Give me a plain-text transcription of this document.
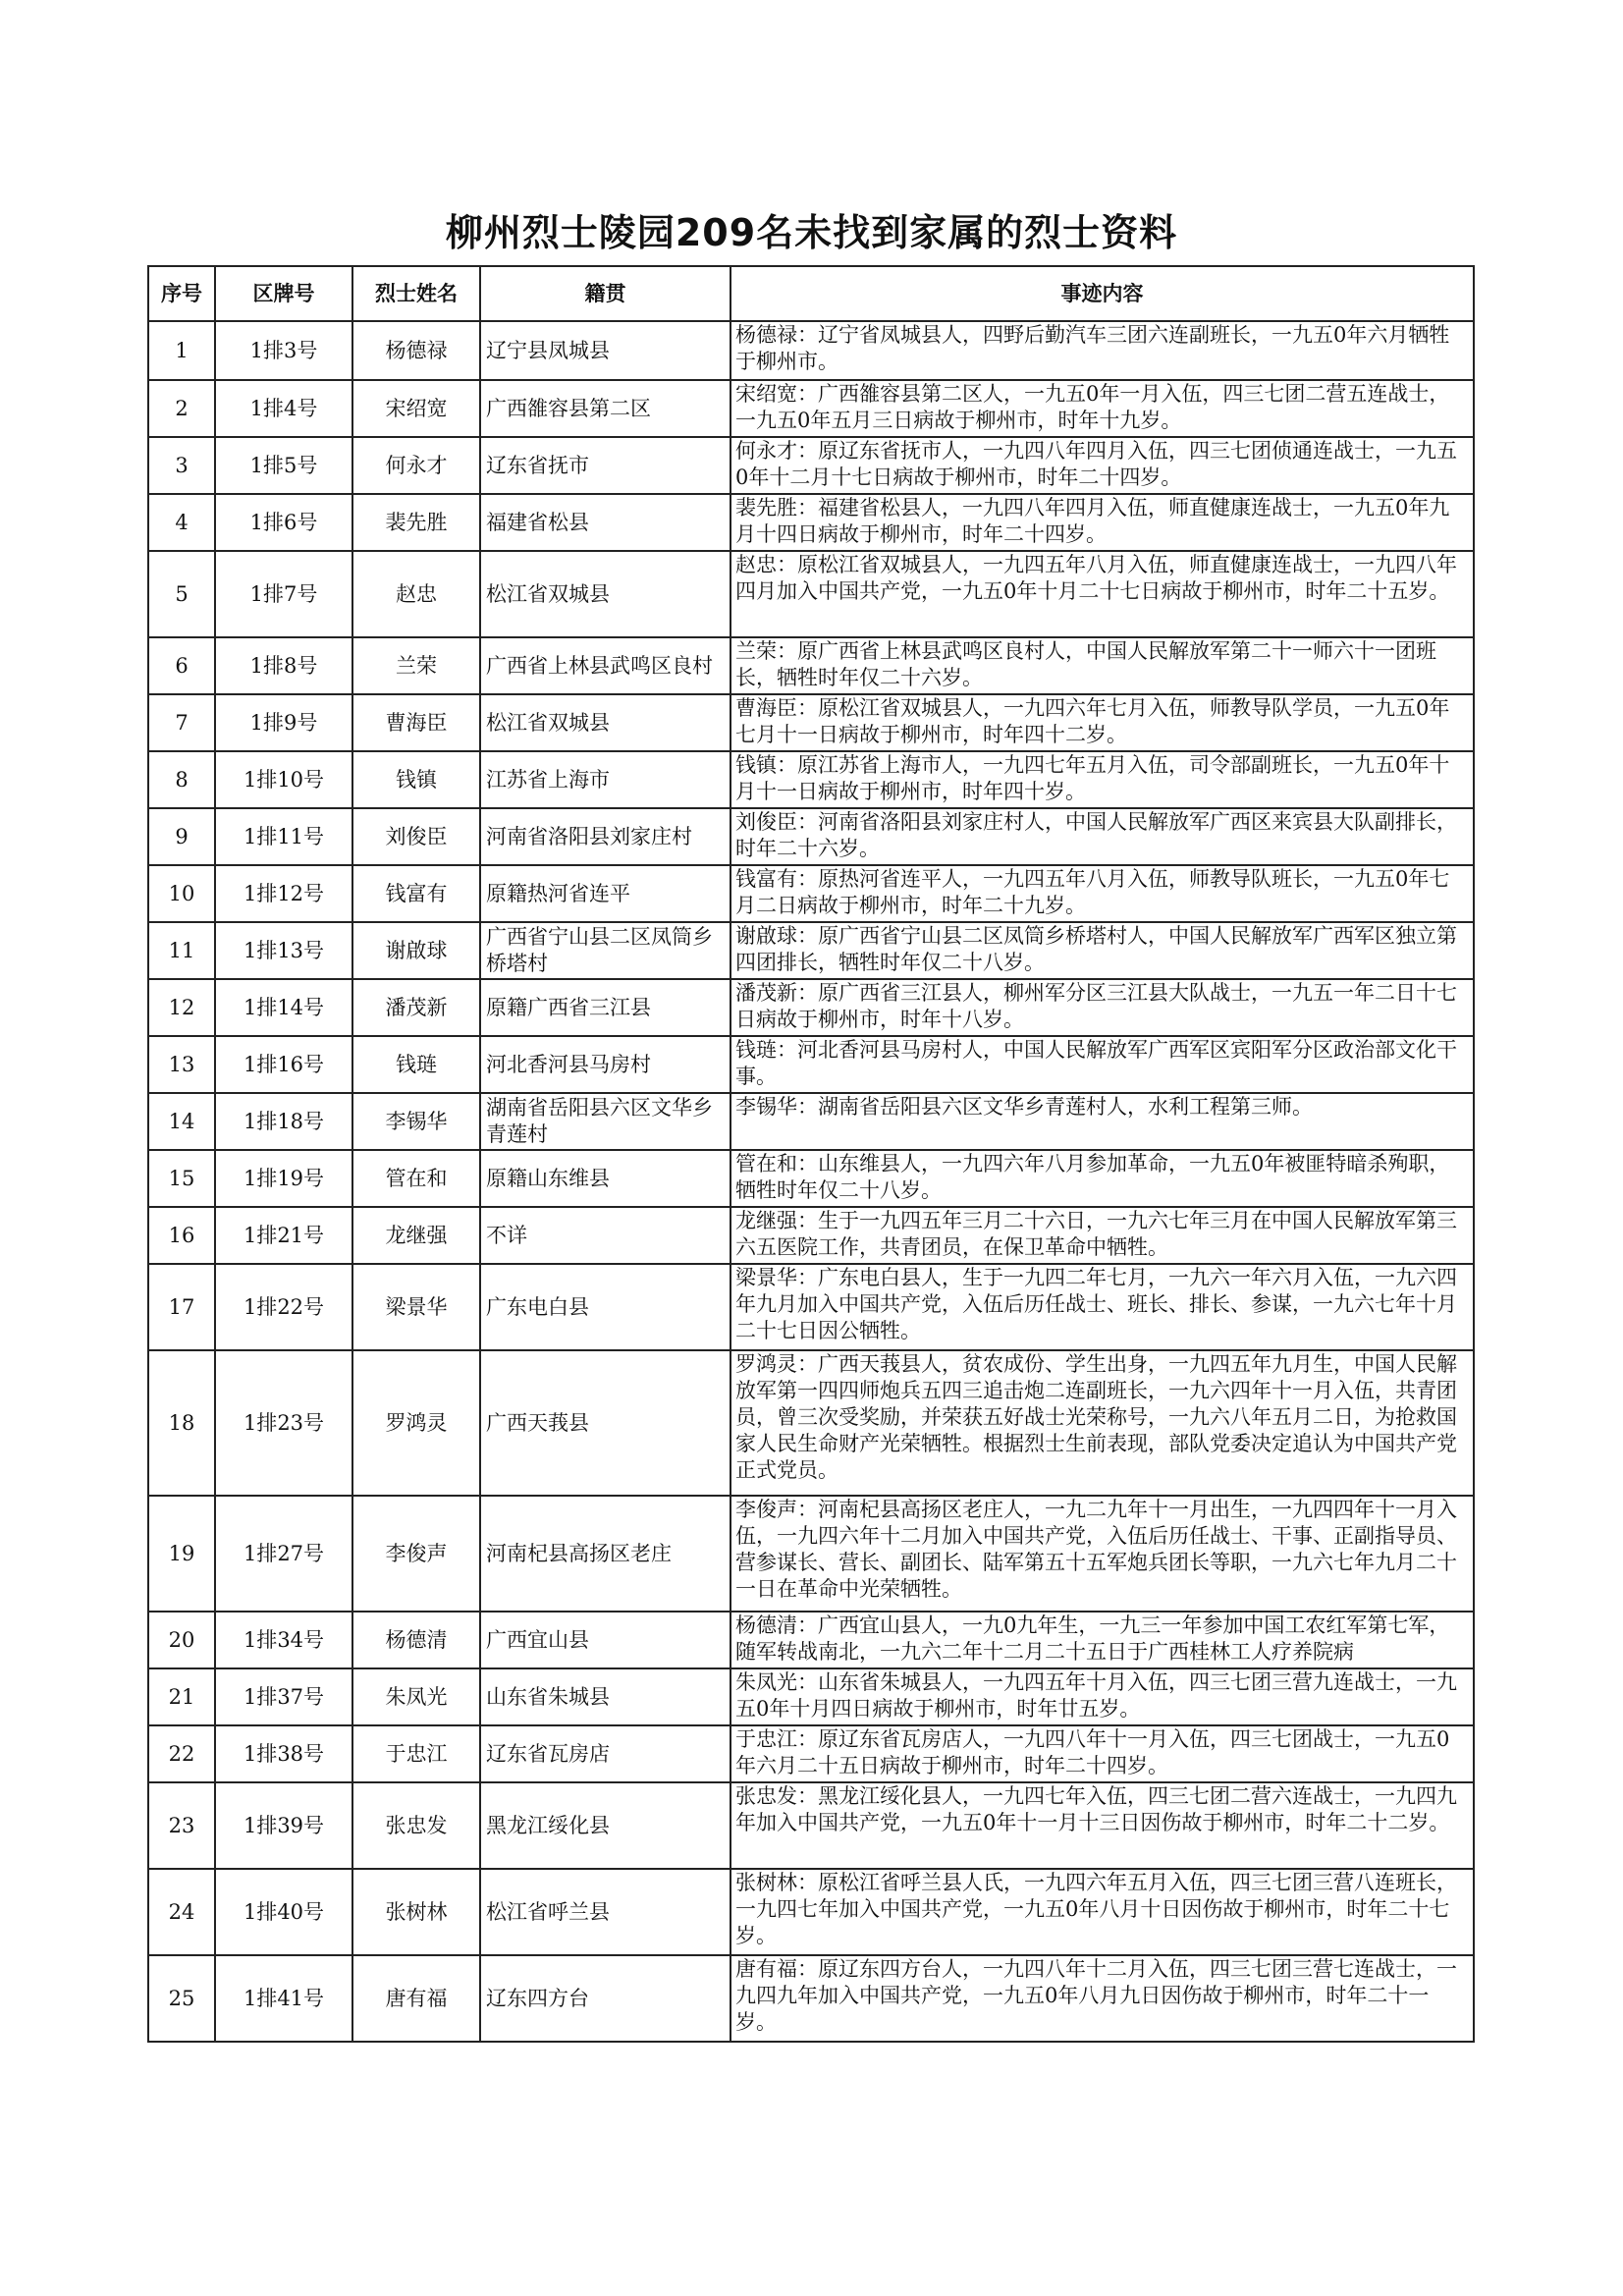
柳州烈士陵园209名未找到家属的烈士资料
序号	区牌号	烈士姓名	籍贯	事迹内容
1	1排3号	杨德禄	辽宁县凤城县	杨德禄：辽宁省凤城县人，四野后勤汽车三团六连副班长，一九五0年六月牺牲于柳州市。
2	1排4号	宋绍宽	广西雒容县第二区	宋绍宽：广西雒容县第二区人，一九五0年一月入伍，四三七团二营五连战士，一九五0年五月三日病故于柳州市，时年十九岁。
3	1排5号	何永才	辽东省抚市	何永才：原辽东省抚市人，一九四八年四月入伍，四三七团侦通连战士，一九五0年十二月十七日病故于柳州市，时年二十四岁。
4	1排6号	裴先胜	福建省松县	裴先胜：福建省松县人，一九四八年四月入伍，师直健康连战士，一九五0年九月十四日病故于柳州市，时年二十四岁。
5	1排7号	赵忠	松江省双城县	赵忠：原松江省双城县人，一九四五年八月入伍，师直健康连战士，一九四八年四月加入中国共产党，一九五0年十月二十七日病故于柳州市，时年二十五岁。
6	1排8号	兰荣	广西省上林县武鸣区良村	兰荣：原广西省上林县武鸣区良村人，中国人民解放军第二十一师六十一团班长，牺牲时年仅二十六岁。
7	1排9号	曹海臣	松江省双城县	曹海臣：原松江省双城县人，一九四六年七月入伍，师教导队学员，一九五0年七月十一日病故于柳州市，时年四十二岁。
8	1排10号	钱镇	江苏省上海市	钱镇：原江苏省上海市人，一九四七年五月入伍，司令部副班长，一九五0年十月十一日病故于柳州市，时年四十岁。
9	1排11号	刘俊臣	河南省洛阳县刘家庄村	刘俊臣：河南省洛阳县刘家庄村人，中国人民解放军广西区来宾县大队副排长，时年二十六岁。
10	1排12号	钱富有	原籍热河省连平	钱富有：原热河省连平人，一九四五年八月入伍，师教导队班长，一九五0年七月二日病故于柳州市，时年二十九岁。
11	1排13号	谢啟球	广西省宁山县二区凤筒乡桥塔村	谢啟球：原广西省宁山县二区凤筒乡桥塔村人，中国人民解放军广西军区独立第四团排长，牺牲时年仅二十八岁。
12	1排14号	潘茂新	原籍广西省三江县	潘茂新：原广西省三江县人，柳州军分区三江县大队战士，一九五一年二日十七日病故于柳州市，时年十八岁。
13	1排16号	钱琏	河北香河县马房村	钱琏：河北香河县马房村人，中国人民解放军广西军区宾阳军分区政治部文化干事。
14	1排18号	李锡华	湖南省岳阳县六区文华乡青莲村	李锡华：湖南省岳阳县六区文华乡青莲村人，水利工程第三师。
15	1排19号	管在和	原籍山东维县	管在和：山东维县人，一九四六年八月参加革命，一九五0年被匪特暗杀殉职，牺牲时年仅二十八岁。
16	1排21号	龙继强	不详	龙继强：生于一九四五年三月二十六日，一九六七年三月在中国人民解放军第三六五医院工作，共青团员，在保卫革命中牺牲。
17	1排22号	梁景华	广东电白县	梁景华：广东电白县人，生于一九四二年七月，一九六一年六月入伍，一九六四年九月加入中国共产党，入伍后历任战士、班长、排长、参谋，一九六七年十月二十七日因公牺牲。
18	1排23号	罗鸿灵	广西天莪县	罗鸿灵：广西天莪县人，贫农成份、学生出身，一九四五年九月生，中国人民解放军第一四四师炮兵五四三追击炮二连副班长，一九六四年十一月入伍，共青团员，曾三次受奖励，并荣获五好战士光荣称号，一九六八年五月二日，为抢救国家人民生命财产光荣牺牲。根据烈士生前表现，部队党委决定追认为中国共产党正式党员。
19	1排27号	李俊声	河南杞县高扬区老庄	李俊声：河南杞县高扬区老庄人，一九二九年十一月出生，一九四四年十一月入伍，一九四六年十二月加入中国共产党，入伍后历任战士、干事、正副指导员、营参谋长、营长、副团长、陆军第五十五军炮兵团长等职，一九六七年九月二十一日在革命中光荣牺牲。
20	1排34号	杨德清	广西宜山县	杨德清：广西宜山县人，一九0九年生，一九三一年参加中国工农红军第七军，随军转战南北，一九六二年十二月二十五日于广西桂林工人疗养院病
21	1排37号	朱凤光	山东省朱城县	朱凤光：山东省朱城县人，一九四五年十月入伍，四三七团三营九连战士，一九五0年十月四日病故于柳州市，时年廿五岁。
22	1排38号	于忠江	辽东省瓦房店	于忠江：原辽东省瓦房店人，一九四八年十一月入伍，四三七团战士，一九五0年六月二十五日病故于柳州市，时年二十四岁。
23	1排39号	张忠发	黑龙江绥化县	张忠发：黑龙江绥化县人，一九四七年入伍，四三七团二营六连战士，一九四九年加入中国共产党，一九五0年十一月十三日因伤故于柳州市，时年二十二岁。
24	1排40号	张树林	松江省呼兰县	张树林：原松江省呼兰县人氏，一九四六年五月入伍，四三七团三营八连班长，一九四七年加入中国共产党，一九五0年八月十日因伤故于柳州市，时年二十七岁。
25	1排41号	唐有福	辽东四方台	唐有福：原辽东四方台人，一九四八年十二月入伍，四三七团三营七连战士，一九四九年加入中国共产党，一九五0年八月九日因伤故于柳州市，时年二十一岁。
